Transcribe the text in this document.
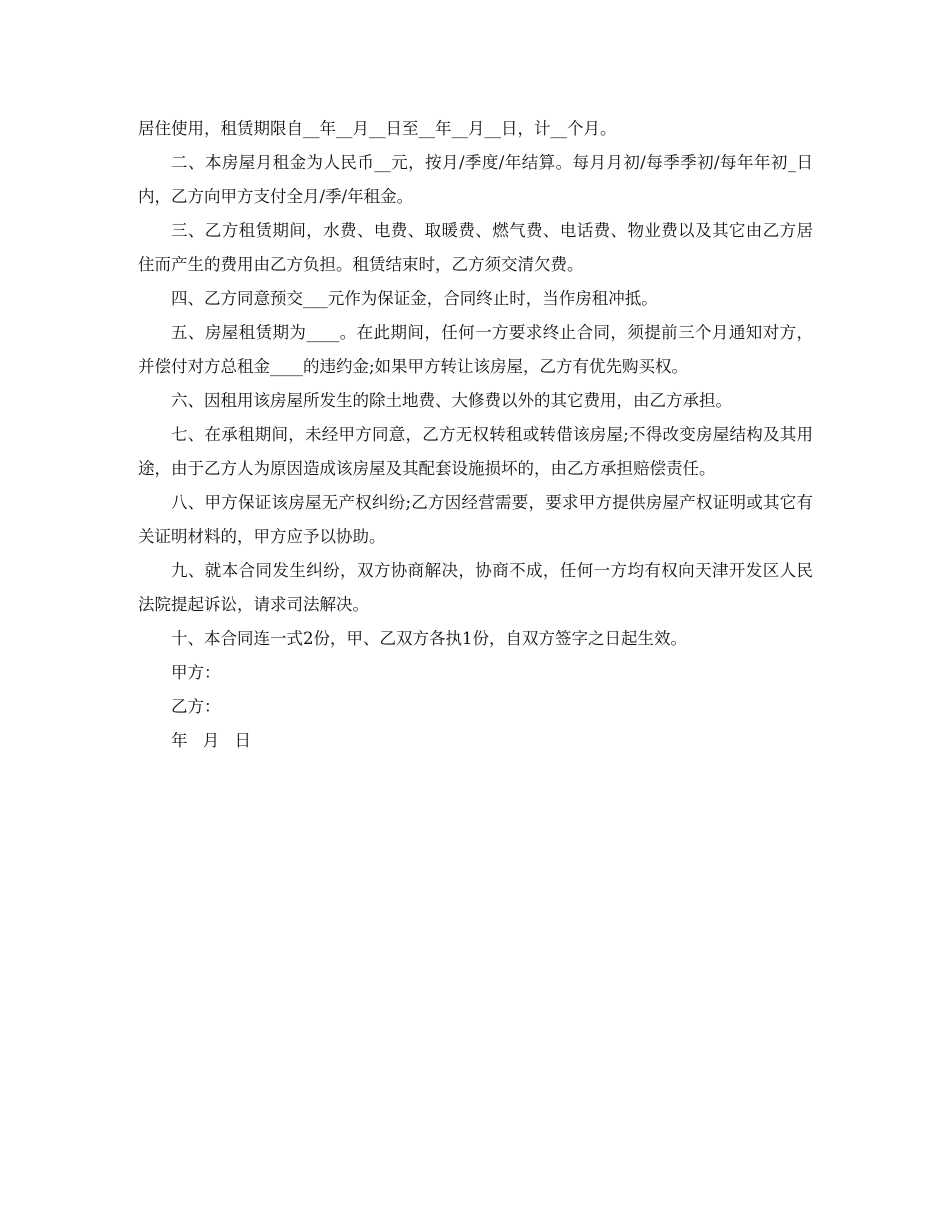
居住使用，租赁期限自__年__月__日至__年__月__日，计__个月。

二、本房屋月租金为人民币__元，按月/季度/年结算。每月月初/每季季初/每年年初_日内，乙方向甲方支付全月/季/年租金。

三、乙方租赁期间，水费、电费、取暖费、燃气费、电话费、物业费以及其它由乙方居住而产生的费用由乙方负担。租赁结束时，乙方须交清欠费。

四、乙方同意预交___元作为保证金，合同终止时，当作房租冲抵。

五、房屋租赁期为____。在此期间，任何一方要求终止合同，须提前三个月通知对方，并偿付对方总租金____的违约金;如果甲方转让该房屋，乙方有优先购买权。

六、因租用该房屋所发生的除土地费、大修费以外的其它费用，由乙方承担。

七、在承租期间，未经甲方同意，乙方无权转租或转借该房屋;不得改变房屋结构及其用途，由于乙方人为原因造成该房屋及其配套设施损坏的，由乙方承担赔偿责任。

八、甲方保证该房屋无产权纠纷;乙方因经营需要，要求甲方提供房屋产权证明或其它有关证明材料的，甲方应予以协助。

九、就本合同发生纠纷，双方协商解决，协商不成，任何一方均有权向天津开发区人民法院提起诉讼，请求司法解决。

十、本合同连一式2份，甲、乙双方各执1份，自双方签字之日起生效。

甲方：

乙方：

年 月 日
